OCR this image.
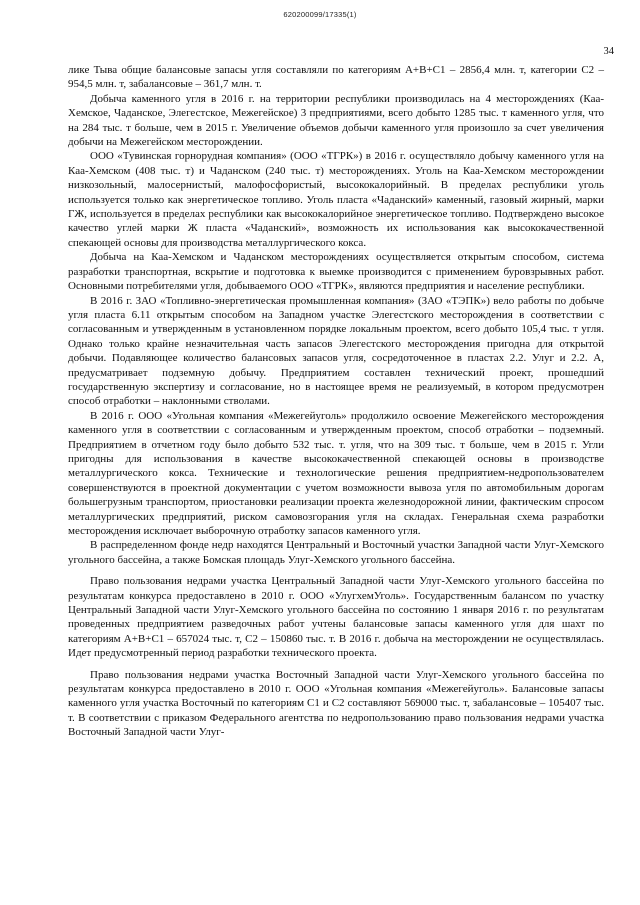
620200099/17335(1)
34

лике Тыва общие балансовые запасы угля составляли по категориям А+В+С1 – 2856,4 млн. т, категории С2 – 954,5 млн. т, забалансовые – 361,7 млн. т.

Добыча каменного угля в 2016 г. на территории республики производилась на 4 месторождениях (Каа-Хемское, Чаданское, Элегестское, Межегейское) 3 предприятиями, всего добыто 1285 тыс. т каменного угля, что на 284 тыс. т больше, чем в 2015 г. Увеличение объемов добычи каменного угля произошло за счет увеличения добычи на Межегейском месторождении.

ООО «Тувинская горнорудная компания» (ООО «ТГРК») в 2016 г. осуществляло добычу каменного угля на Каа-Хемском (408 тыс. т) и Чаданском (240 тыс. т) месторождениях. Уголь на Каа-Хемском месторождении низкозольный, малосернистый, малофосфористый, высококалорийный. В пределах республики уголь используется только как энергетическое топливо. Уголь пласта «Чаданский» каменный, газовый жирный, марки ГЖ, используется в пределах республики как высококалорийное энергетическое топливо. Подтверждено высокое качество углей марки Ж пласта «Чаданский», возможность их использования как высококачественной спекающей основы для производства металлургического кокса.

Добыча на Каа-Хемском и Чаданском месторождениях осуществляется открытым способом, система разработки транспортная, вскрытие и подготовка к выемке производится с применением буровзрывных работ. Основными потребителями угля, добываемого ООО «ТГРК», являются предприятия и население республики.

В 2016 г. ЗАО «Топливно-энергетическая промышленная компания» (ЗАО «ТЭПК») вело работы по добыче угля пласта 6.11 открытым способом на Западном участке Элегестского месторождения в соответствии с согласованным и утвержденным в установленном порядке локальным проектом, всего добыто 105,4 тыс. т угля. Однако только крайне незначительная часть запасов Элегестского месторождения пригодна для открытой добычи. Подавляющее количество балансовых запасов угля, сосредоточенное в пластах 2.2. Улуг и 2.2. А, предусматривает подземную добычу. Предприятием составлен технический проект, прошедший государственную экспертизу и согласование, но в настоящее время не реализуемый, в котором предусмотрен способ отработки – наклонными стволами.

В 2016 г. ООО «Угольная компания «Межегейуголь» продолжило освоение Межегейского месторождения каменного угля в соответствии с согласованным и утвержденным проектом, способ отработки – подземный. Предприятием в отчетном году было добыто 532 тыс. т. угля, что на 309 тыс. т больше, чем в 2015 г. Угли пригодны для использования в качестве высококачественной спекающей основы в производстве металлургического кокса. Технические и технологические решения предприятием-недропользователем совершенствуются в проектной документации с учетом возможности вывоза угля по автомобильным дорогам большегрузным транспортом, приостановки реализации проекта железнодорожной линии, фактическим спросом металлургических предприятий, риском самовозгорания угля на складах. Генеральная схема разработки месторождения исключает выборочную отработку запасов каменного угля.

В распределенном фонде недр находятся Центральный и Восточный участки Западной части Улуг-Хемского угольного бассейна, а также Бомская площадь Улуг-Хемского угольного бассейна.

Право пользования недрами участка Центральный Западной части Улуг-Хемского угольного бассейна по результатам конкурса предоставлено в 2010 г. ООО «УлугхемУголь». Государственным балансом по участку Центральный Западной части Улуг-Хемского угольного бассейна по состоянию 1 января 2016 г. по результатам проведенных предприятием разведочных работ учтены балансовые запасы каменного угля для шахт по категориям А+В+С1 – 657024 тыс. т, С2 – 150860 тыс. т. В 2016 г. добыча на месторождении не осуществлялась. Идет предусмотренный период разработки технического проекта.

Право пользования недрами участка Восточный Западной части Улуг-Хемского угольного бассейна по результатам конкурса предоставлено в 2010 г. ООО «Угольная компания «Межегейуголь». Балансовые запасы каменного угля участка Восточный по категориям С1 и С2 составляют 569000 тыс. т, забалансовые – 105407 тыс. т. В соответствии с приказом Федерального агентства по недропользованию право пользования недрами участка Восточный Западной части Улуг-
